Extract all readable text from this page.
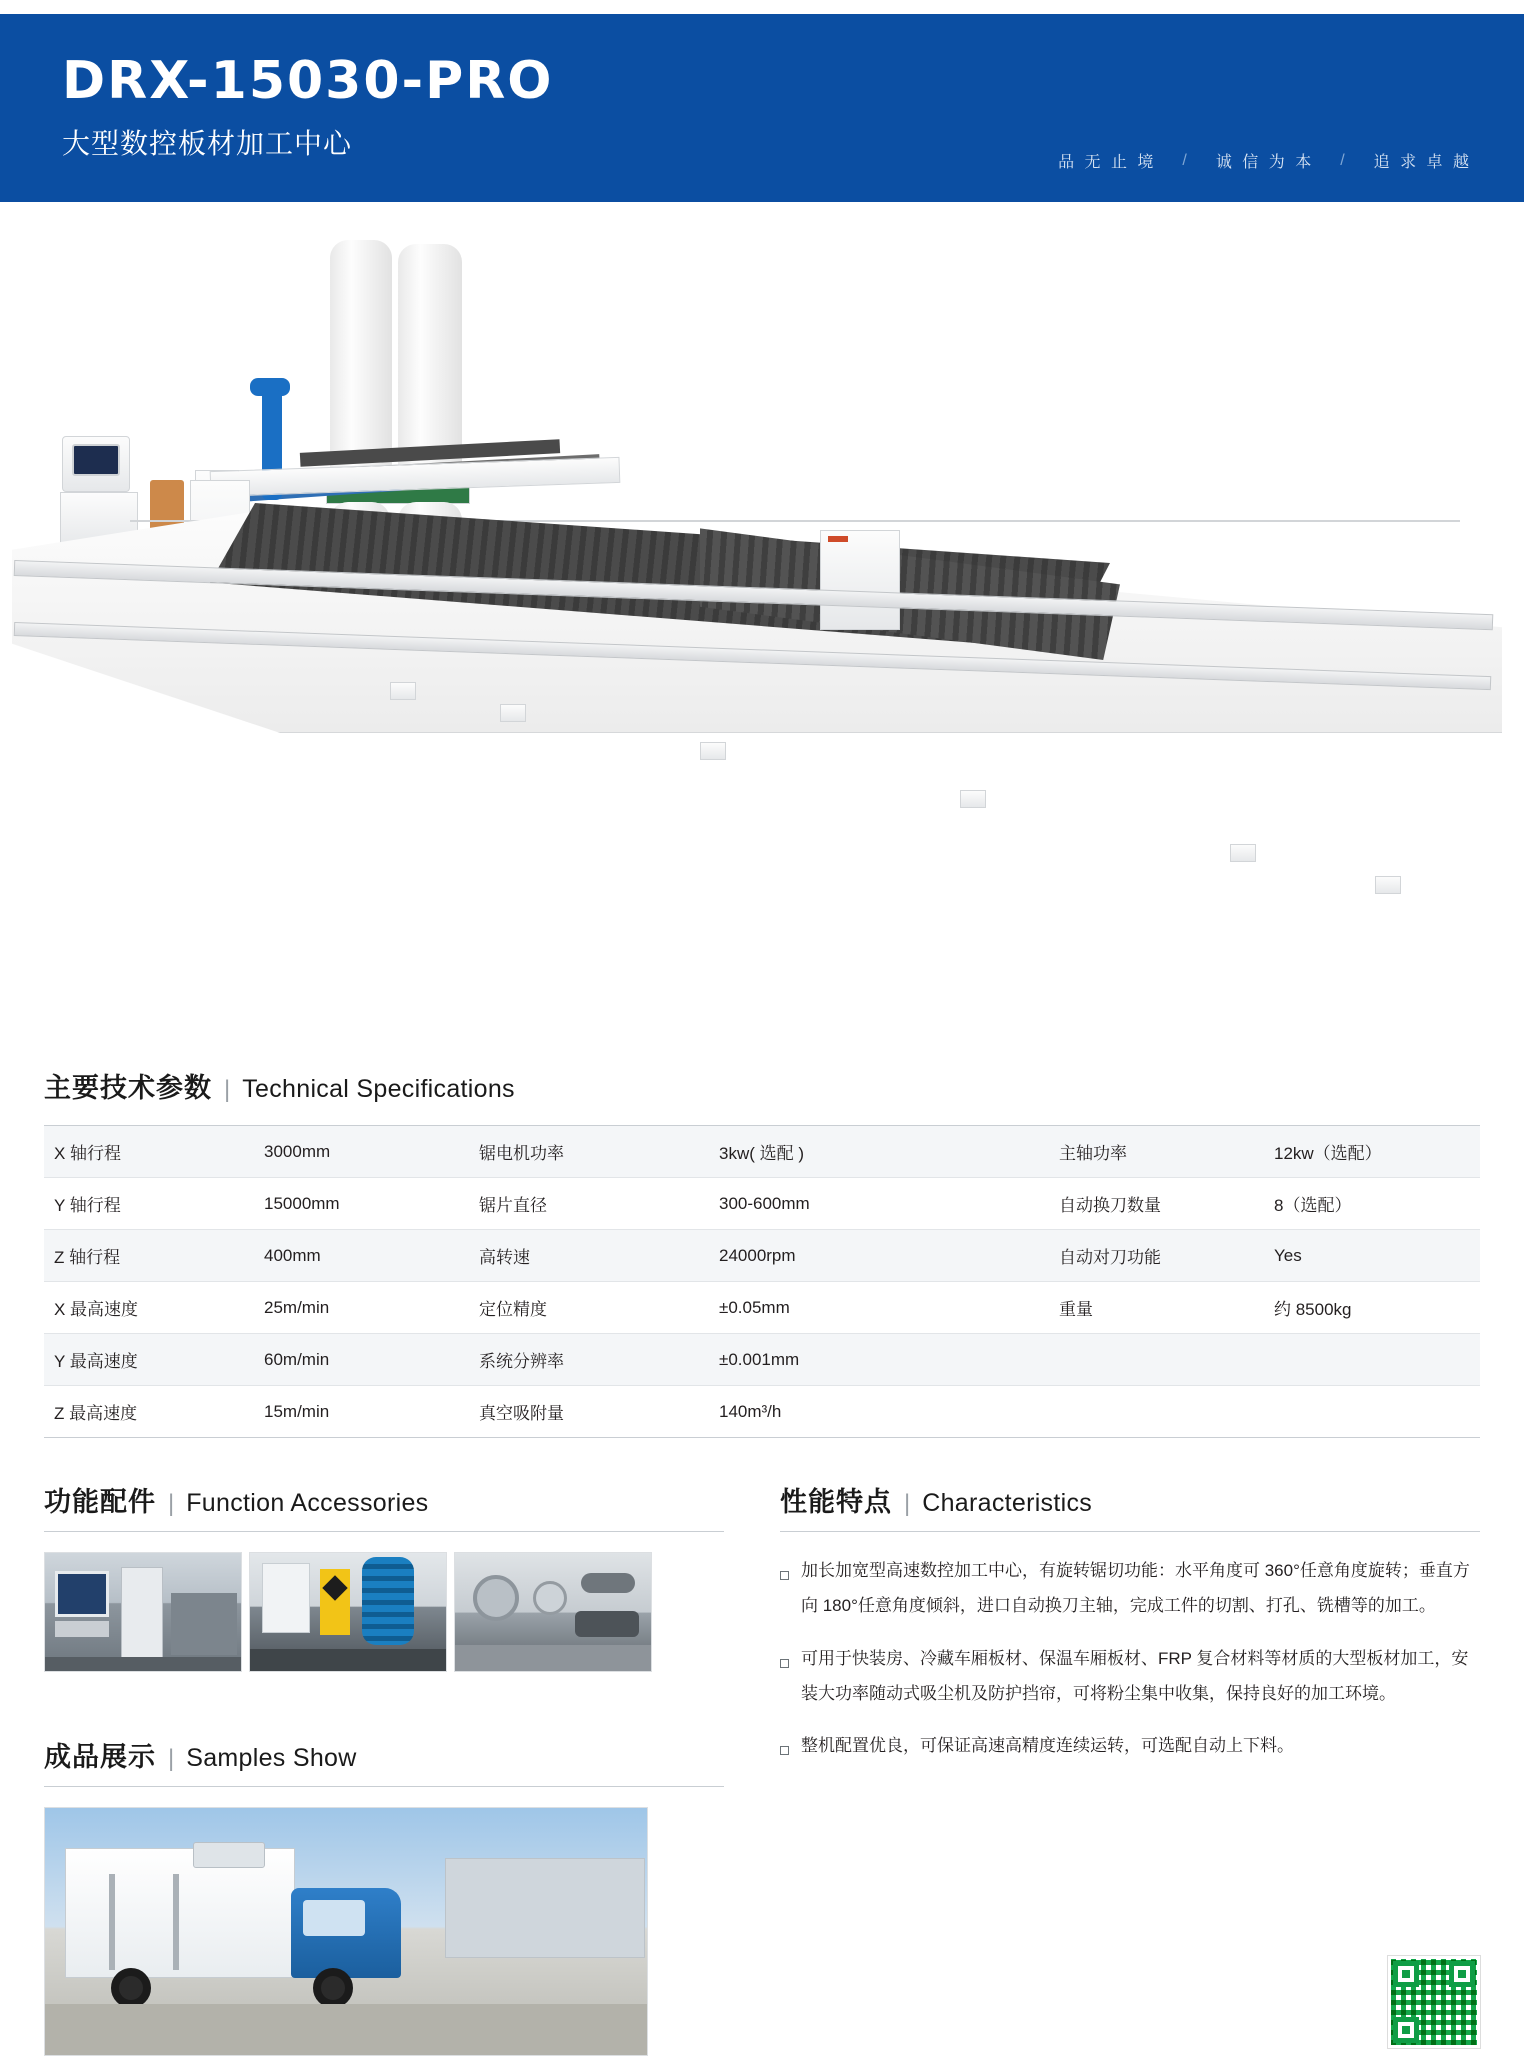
DRX-15030-PRO
大型数控板材加工中心
品 无 止 境 / 诚 信 为 本 / 追 求 卓 越
主要技术参数 | Technical Specifications
X 轴行程	3000mm	锯电机功率	3kw( 选配 )	主轴功率	12kw（选配）
Y 轴行程	15000mm	锯片直径	300-600mm	自动换刀数量	8（选配）
Z 轴行程	400mm	高转速	24000rpm	自动对刀功能	Yes
X 最高速度	25m/min	定位精度	±0.05mm	重量	约 8500kg
Y 最高速度	60m/min	系统分辨率	±0.001mm		
Z 最高速度	15m/min	真空吸附量	140m³/h		
功能配件 | Function Accessories
成品展示 | Samples Show
性能特点 | Characteristics
加长加宽型高速数控加工中心，有旋转锯切功能：水平角度可 360°任意角度旋转；垂直方向 180°任意角度倾斜，进口自动换刀主轴，完成工件的切割、打孔、铣槽等的加工。
可用于快装房、冷藏车厢板材、保温车厢板材、FRP 复合材料等材质的大型板材加工，安装大功率随动式吸尘机及防护挡帘，可将粉尘集中收集，保持良好的加工环境。
整机配置优良，可保证高速高精度连续运转，可选配自动上下料。
